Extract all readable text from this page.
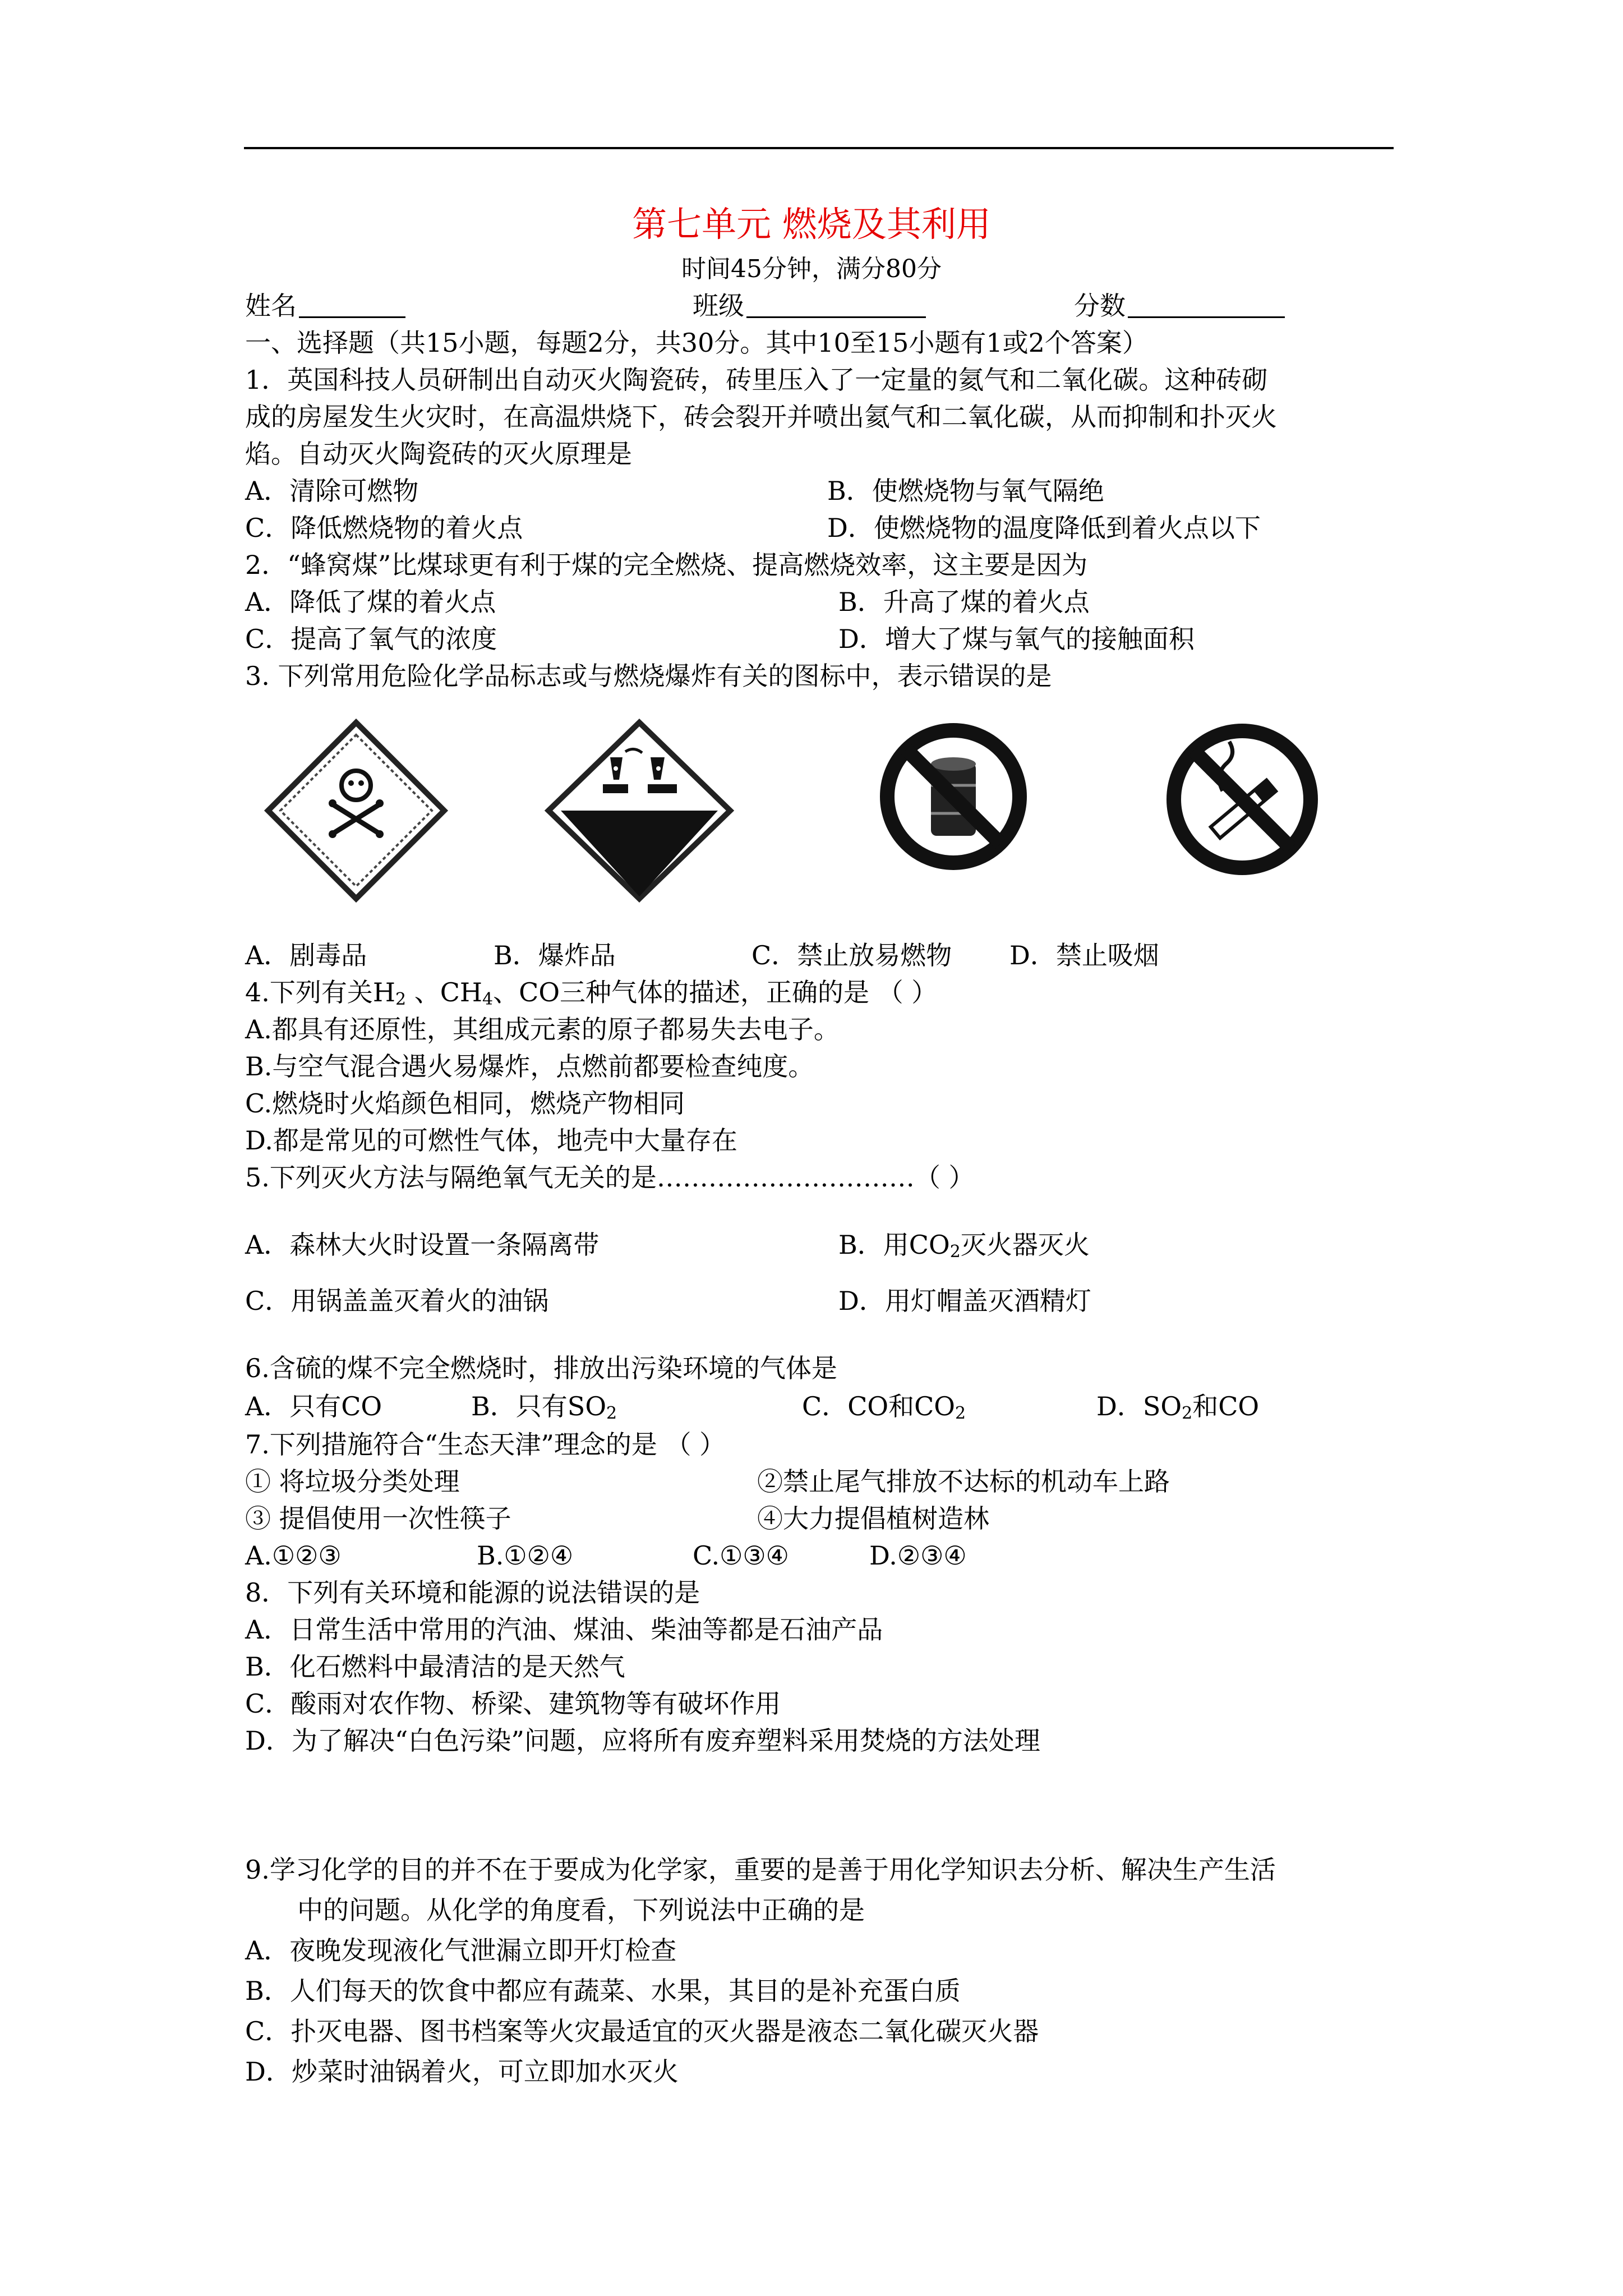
第七单元 燃烧及其利用
时间45分钟，满分80分
姓名	班级	分数
一、选择题（共15小题，每题2分，共30分。其中10至15小题有1或2个答案）
1．英国科技人员研制出自动灭火陶瓷砖，砖里压入了一定量的氦气和二氧化碳。这种砖砌
成的房屋发生火灾时，在高温烘烧下，砖会裂开并喷出氦气和二氧化碳，从而抑制和扑灭火
焰。自动灭火陶瓷砖的灭火原理是
A．清除可燃物	B．使燃烧物与氧气隔绝
C．降低燃烧物的着火点	D．使燃烧物的温度降低到着火点以下
2．“蜂窝煤”比煤球更有利于煤的完全燃烧、提高燃烧效率，这主要是因为
A．降低了煤的着火点	B．升高了煤的着火点
C．提高了氧气的浓度	D．增大了煤与氧气的接触面积
3. 下列常用危险化学品标志或与燃烧爆炸有关的图标中，表示错误的是
A．剧毒品	B．爆炸品	C．禁止放易燃物 D．禁止吸烟
4.下列有关$H_2$ 、$CH_4$、CO三种气体的描述，正确的是 （ ）
A.都具有还原性，其组成元素的原子都易失去电子。
B.与空气混合遇火易爆炸，点燃前都要检查纯度。
C.燃烧时火焰颜色相同，燃烧产物相同
D.都是常见的可燃性气体，地壳中大量存在
5.下列灭火方法与隔绝氧气无关的是…………………………（ ）
A．森林大火时设置一条隔离带	B．用$CO_2$灭火器灭火
C．用锅盖盖灭着火的油锅	D．用灯帽盖灭酒精灯
6.含硫的煤不完全燃烧时，排放出污染环境的气体是
A．只有CO	B．只有$SO_2$	C．CO和$CO_2$	D．$SO_2$和CO
7.下列措施符合“生态天津”理念的是 （ ）
① 将垃圾分类处理	②禁止尾气排放不达标的机动车上路
③ 提倡使用一次性筷子	④大力提倡植树造林
A.①②③	B.①②④	C.①③④	D.②③④
8．下列有关环境和能源的说法错误的是
A．日常生活中常用的汽油、煤油、柴油等都是石油产品
B．化石燃料中最清洁的是天然气
C．酸雨对农作物、桥梁、建筑物等有破坏作用
D．为了解决“白色污染”问题，应将所有废弃塑料采用焚烧的方法处理
9.学习化学的目的并不在于要成为化学家，重要的是善于用化学知识去分析、解决生产生活
中的问题。从化学的角度看，下列说法中正确的是
A．夜晚发现液化气泄漏立即开灯检查
B．人们每天的饮食中都应有蔬菜、水果，其目的是补充蛋白质
C．扑灭电器、图书档案等火灾最适宜的灭火器是液态二氧化碳灭火器
D．炒菜时油锅着火，可立即加水灭火
